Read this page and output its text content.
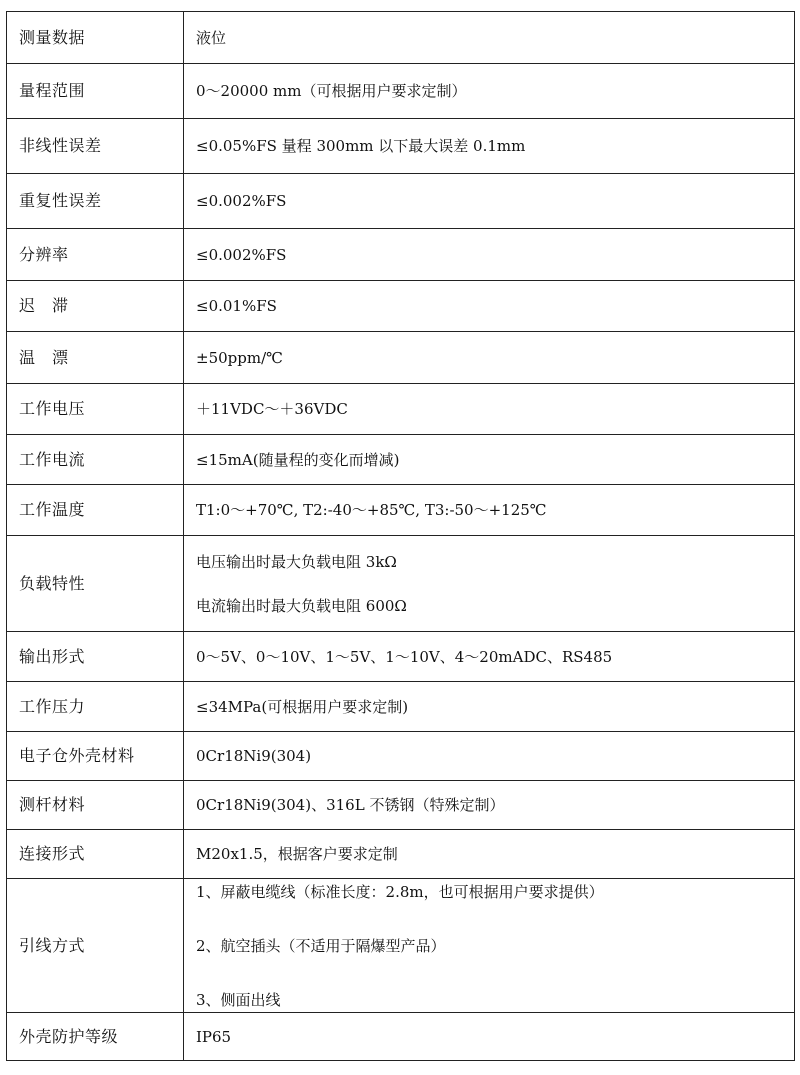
测量数据	液位

量程范围	0～20000 mm（可根据用户要求定制）

非线性误差	≤0.05%FS 量程 300mm 以下最大误差 0.1mm

重复性误差	≤0.002%FS

分辨率	≤0.002%FS

迟　滞	≤0.01%FS

温　漂	±50ppm/℃

工作电压	＋11VDC～＋36VDC

工作电流	≤15mA(随量程的变化而增减)

工作温度	T1:0～+70℃, T2:-40～+85℃, T3:-50～+125℃

负载特性	电压输出时最大负载电阻 3kΩ
电流输出时最大负载电阻 600Ω

输出形式	0～5V、0～10V、1～5V、1～10V、4～20mADC、RS485

工作压力	≤34MPa(可根据用户要求定制)

电子仓外壳材料	0Cr18Ni9(304)

测杆材料	0Cr18Ni9(304)、316L 不锈钢（特殊定制）

连接形式	M20x1.5，根据客户要求定制

引线方式	1、屏蔽电缆线（标准长度：2.8m，也可根据用户要求提供）
2、航空插头（不适用于隔爆型产品）
3、侧面出线

外壳防护等级	IP65
